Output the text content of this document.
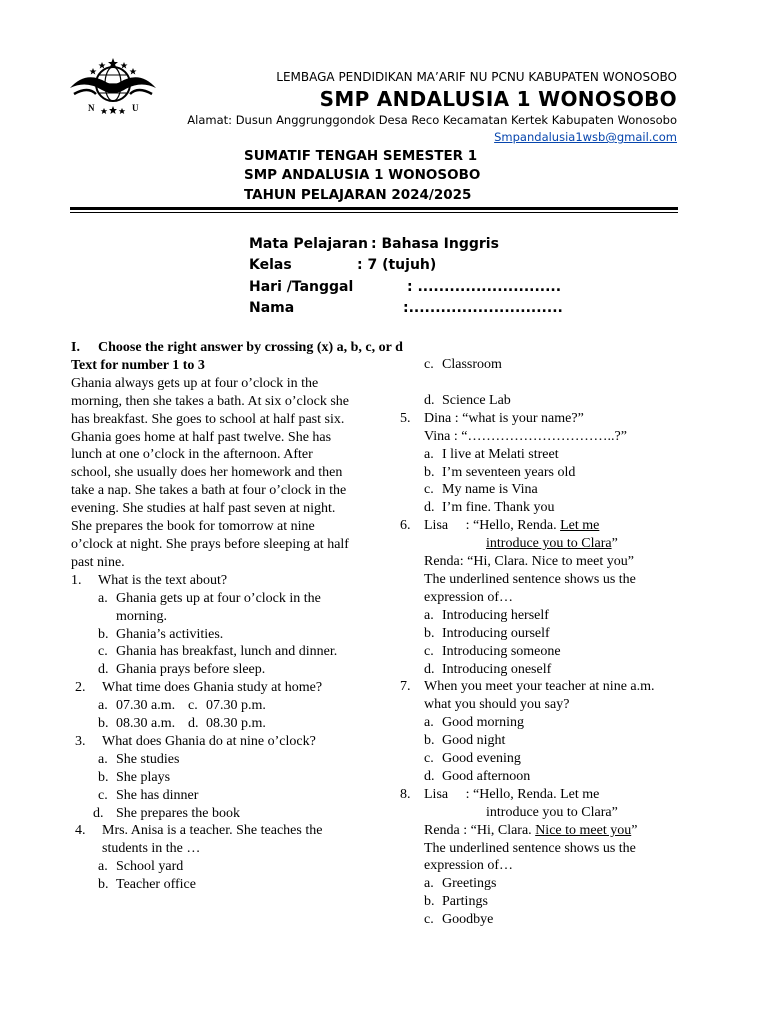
N	U
LEMBAGA PENDIDIKAN MA’ARIF NU PCNU KABUPATEN WONOSOBO
SMP ANDALUSIA 1 WONOSOBO
Alamat: Dusun Anggrunggondok Desa Reco Kecamatan Kertek Kabupaten Wonosobo
Smpandalusia1wsb@gmail.com
SUMATIF TENGAH SEMESTER 1
SMP ANDALUSIA 1 WONOSOBO
TAHUN PELAJARAN 2024/2025
Mata Pelajaran : Bahasa Inggris
Kelas	: 7 (tujuh)
Hari /Tanggal	: ...........................
Nama	:.............................
I.	Choose the right answer by crossing (x) a, b, c, or d
Text for number 1 to 3
Ghania always gets up at four o’clock in the morning, then she takes a bath. At six o’clock she has breakfast. She goes to school at half past six. Ghania goes home at half past twelve. She has lunch at one o’clock in the afternoon. After school, she usually does her homework and then take a nap. She takes a bath at four o’clock in the evening. She studies at half past seven at night. She prepares the book for tomorrow at nine o’clock at night. She prays before sleeping at half past nine.
1.	What is the text about?
a. Ghania gets up at four o’clock in the morning.
b. Ghania’s activities.
c. Ghania has breakfast, lunch and dinner.
d. Ghania prays before sleep.
2.	What time does Ghania study at home?
a. 07.30 a.m. c. 07.30 p.m.
b. 08.30 a.m. d. 08.30 p.m.
3.	What does Ghania do at nine o’clock?
a. She studies
b. She plays
c. She has dinner
d. She prepares the book
4.	Mrs. Anisa is a teacher. She teaches the students in the …
a. School yard
b. Teacher office
c. Classroom
d. Science Lab
5. Dina : “what is your name?”
Vina : “…………………………..?”
a. I live at Melati street
b. I’m seventeen years old
c. My name is Vina
d. I’m fine. Thank you
6. Lisa     : “Hello, Renda. Let me
introduce you to Clara”
Renda: “Hi, Clara. Nice to meet you”
The underlined sentence shows us the expression of…
a. Introducing herself
b. Introducing ourself
c. Introducing someone
d. Introducing oneself
7. When you meet your teacher at nine a.m. what you should you say?
a. Good morning
b. Good night
c. Good evening
d. Good afternoon
8. Lisa     : “Hello, Renda. Let me
introduce you to Clara”
Renda : “Hi, Clara. Nice to meet you”
The underlined sentence shows us the expression of…
a. Greetings
b. Partings
c. Goodbye
